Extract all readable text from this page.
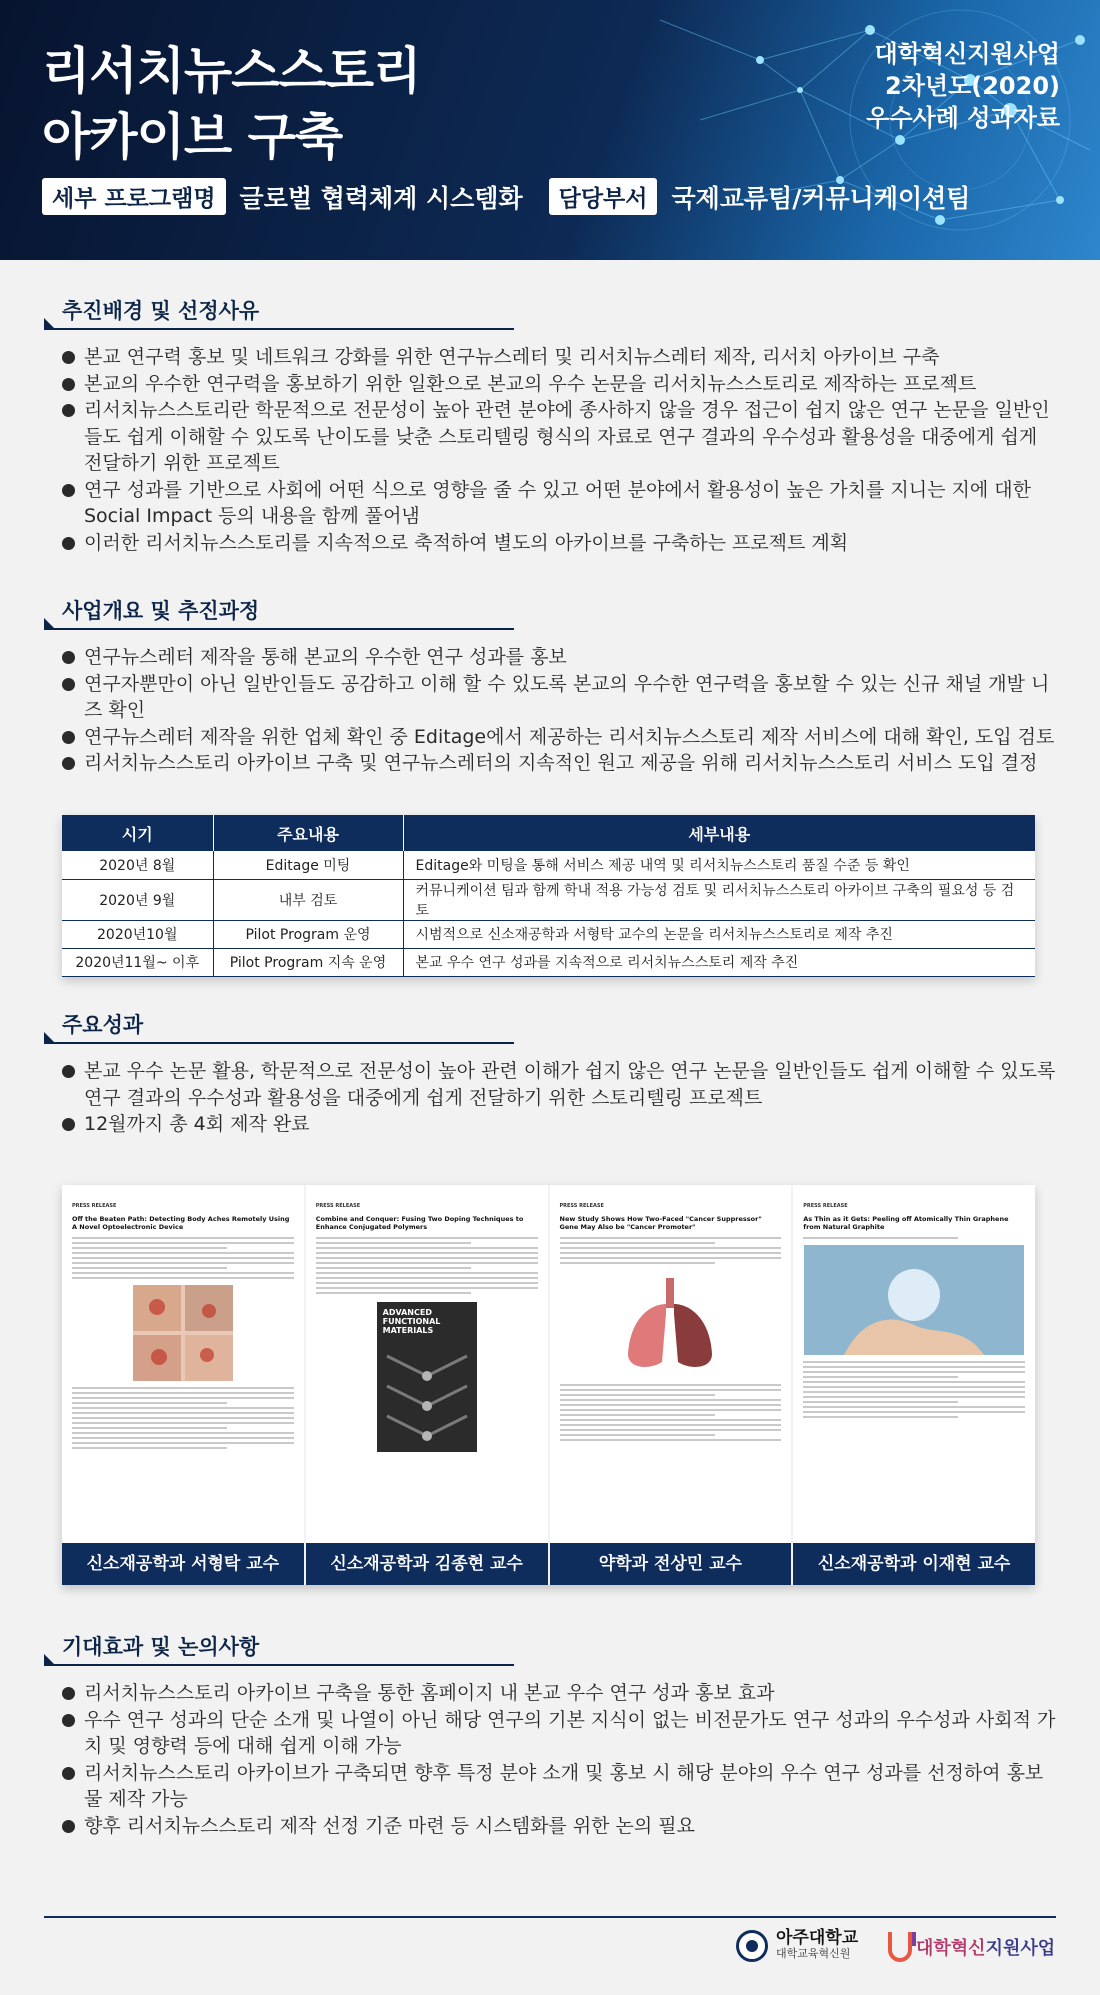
리서치뉴스스토리
아카이브 구축
대학혁신지원사업
2차년도(2020)
우수사례 성과자료
세부 프로그램명 글로벌 협력체계 시스템화	담당부서 국제교류팀/커뮤니케이션팀
추진배경 및 선정사유
본교 연구력 홍보 및 네트워크 강화를 위한 연구뉴스레터 및 리서치뉴스레터 제작, 리서치 아카이브 구축
본교의 우수한 연구력을 홍보하기 위한 일환으로 본교의 우수 논문을 리서치뉴스스토리로 제작하는 프로젝트
리서치뉴스스토리란 학문적으로 전문성이 높아 관련 분야에 종사하지 않을 경우 접근이 쉽지 않은 연구 논문을 일반인들도 쉽게 이해할 수 있도록 난이도를 낮춘 스토리텔링 형식의 자료로 연구 결과의 우수성과 활용성을 대중에게 쉽게 전달하기 위한 프로젝트
연구 성과를 기반으로 사회에 어떤 식으로 영향을 줄 수 있고 어떤 분야에서 활용성이 높은 가치를 지니는 지에 대한 Social Impact 등의 내용을 함께 풀어냄
이러한 리서치뉴스스토리를 지속적으로 축적하여 별도의 아카이브를 구축하는 프로젝트 계획
사업개요 및 추진과정
연구뉴스레터 제작을 통해 본교의 우수한 연구 성과를 홍보
연구자뿐만이 아닌 일반인들도 공감하고 이해 할 수 있도록 본교의 우수한 연구력을 홍보할 수 있는 신규 채널 개발 니즈 확인
연구뉴스레터 제작을 위한 업체 확인 중 Editage에서 제공하는 리서치뉴스스토리 제작 서비스에 대해 확인, 도입 검토
리서치뉴스스토리 아카이브 구축 및 연구뉴스레터의 지속적인 원고 제공을 위해 리서치뉴스스토리 서비스 도입 결정
시기	주요내용	세부내용
2020년 8월	Editage 미팅	Editage와 미팅을 통해 서비스 제공 내역 및 리서치뉴스스토리 품질 수준 등 확인
2020년 9월	내부 검토	커뮤니케이션 팀과 함께 학내 적용 가능성 검토 및 리서치뉴스스토리 아카이브 구축의 필요성 등 검토
2020년10월	Pilot Program 운영	시범적으로 신소재공학과 서형탁 교수의 논문을 리서치뉴스스토리로 제작 추진
2020년11월~ 이후	Pilot Program 지속 운영	본교 우수 연구 성과를 지속적으로 리서치뉴스스토리 제작 추진
주요성과
본교 우수 논문 활용, 학문적으로 전문성이 높아 관련 이해가 쉽지 않은 연구 논문을 일반인들도 쉽게 이해할 수 있도록 연구 결과의 우수성과 활용성을 대중에게 쉽게 전달하기 위한 스토리텔링 프로젝트
12월까지 총 4회 제작 완료
PRESS RELEASE
Off the Beaten Path: Detecting Body Aches Remotely Using A Novel Optoelectronic Device
신소재공학과 서형탁 교수
PRESS RELEASE
Combine and Conquer: Fusing Two Doping Techniques to Enhance Conjugated Polymers
ADVANCED FUNCTIONAL MATERIALS
신소재공학과 김종현 교수
PRESS RELEASE
New Study Shows How Two-Faced "Cancer Suppressor" Gene May Also be "Cancer Promoter"
약학과 전상민 교수
PRESS RELEASE
As Thin as it Gets: Peeling off Atomically Thin Graphene from Natural Graphite
신소재공학과 이재현 교수
기대효과 및 논의사항
리서치뉴스스토리 아카이브 구축을 통한 홈페이지 내 본교 우수 연구 성과 홍보 효과
우수 연구 성과의 단순 소개 및 나열이 아닌 해당 연구의 기본 지식이 없는 비전문가도 연구 성과의 우수성과 사회적 가치 및 영향력 등에 대해 쉽게 이해 가능
리서치뉴스스토리 아카이브가 구축되면 향후 특정 분야 소개 및 홍보 시 해당 분야의 우수 연구 성과를 선정하여 홍보물 제작 가능
향후 리서치뉴스스토리 제작 선정 기준 마련 등 시스템화를 위한 논의 필요
아주대학교
대학교육혁신원	대학혁신 지원사업
